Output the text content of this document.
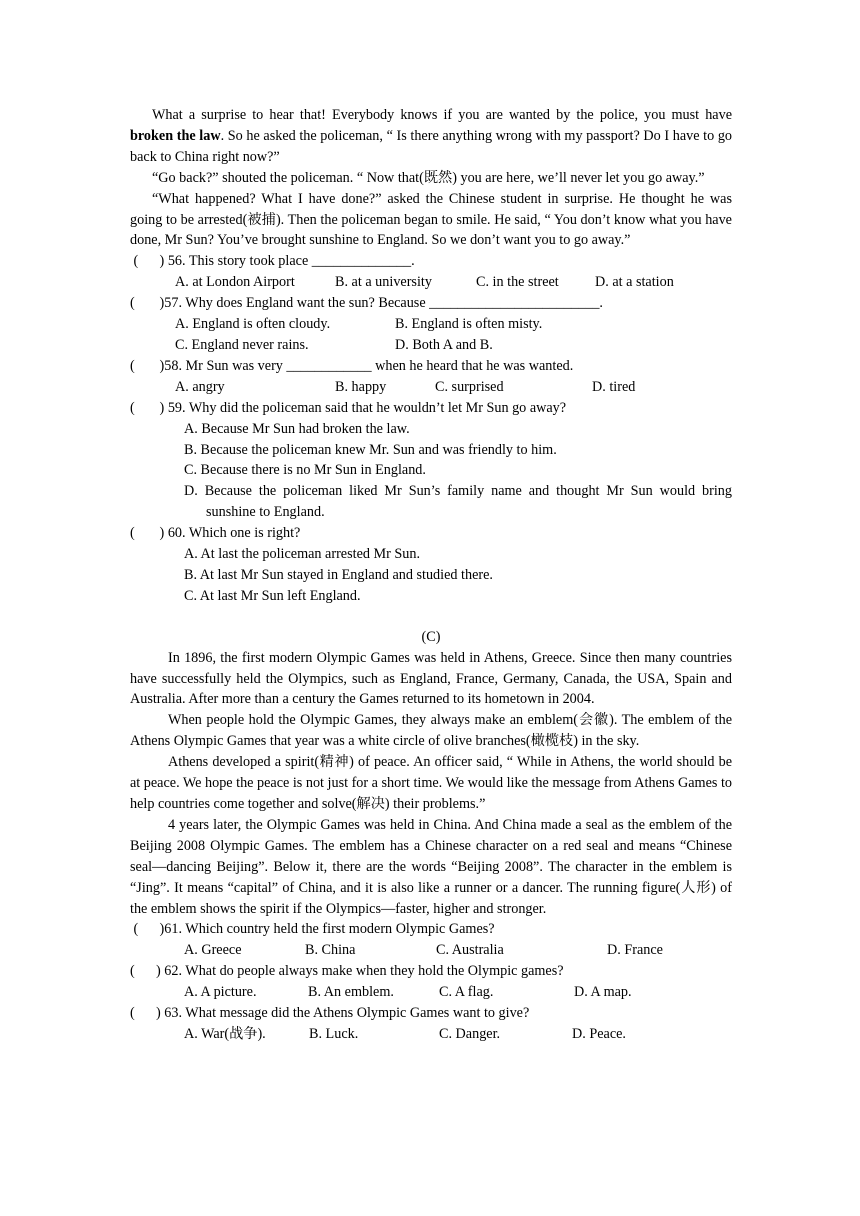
What a surprise to hear that! Everybody knows if you are wanted by the police, you must have broken the law. So he asked the policeman, “ Is there anything wrong with my passport? Do I have to go back to China right now?”

“Go back?” shouted the policeman. “ Now that(既然) you are here, we’ll never let you go away.”

“What happened? What I have done?” asked the Chinese student in surprise. He thought he was going to be arrested(被捕). Then the policeman began to smile. He said, “ You don’t know what you have done, Mr Sun? You’ve brought sunshine to England. So we don’t want you to go away.”

(      ) 56. This story took place ______________.

A. at London Airport	B. at a university	C. in the street	D. at a station

(       )57. Why does England want the sun? Because ________________________.

A. England is often cloudy.	B. England is often misty.
C. England never rains.	D. Both A and B.

(       )58. Mr Sun was very ____________ when he heard that he was wanted.

A. angry	B. happy	C. surprised	D. tired

(       ) 59. Why did the policeman said that he wouldn’t let Mr Sun go away?

A. Because Mr Sun had broken the law.

B. Because the policeman knew Mr. Sun and was friendly to him.

C. Because there is no Mr Sun in England.

D. Because the policeman liked Mr Sun’s family name and thought Mr Sun would bring sunshine to England.

(       ) 60. Which one is right?

A. At last the policeman arrested Mr Sun.

B. At last Mr Sun stayed in England and studied there.

C. At last Mr Sun left England.

(C)

In 1896, the first modern Olympic Games was held in Athens, Greece. Since then many countries have successfully held the Olympics, such as England, France, Germany, Canada, the USA, Spain and Australia. After more than a century the Games returned to its hometown in 2004.

When people hold the Olympic Games, they always make an emblem(会徽). The emblem of the Athens Olympic Games that year was a white circle of olive branches(橄榄枝) in the sky.

Athens developed a spirit(精神) of peace. An officer said, “ While in Athens, the world should be at peace. We hope the peace is not just for a short time. We would like the message from Athens Games to help countries come together and solve(解决) their problems.”

4 years later, the Olympic Games was held in China. And China made a seal as the emblem of the Beijing 2008 Olympic Games. The emblem has a Chinese character on a red seal and means “Chinese seal—dancing Beijing”. Below it, there are the words “Beijing 2008”. The character in the emblem is “Jing”. It means “capital” of China, and it is also like a runner or a dancer. The running figure(人形) of the emblem shows the spirit if the Olympics—faster, higher and stronger.

(      )61. Which country held the first modern Olympic Games?

A. Greece	B. China	C. Australia	D. France

(      ) 62. What do people always make when they hold the Olympic games?

A. A picture.	B. An emblem.	C. A flag.	D. A map.

(      ) 63. What message did the Athens Olympic Games want to give?

A. War(战争).	B. Luck.	C. Danger.	D. Peace.
